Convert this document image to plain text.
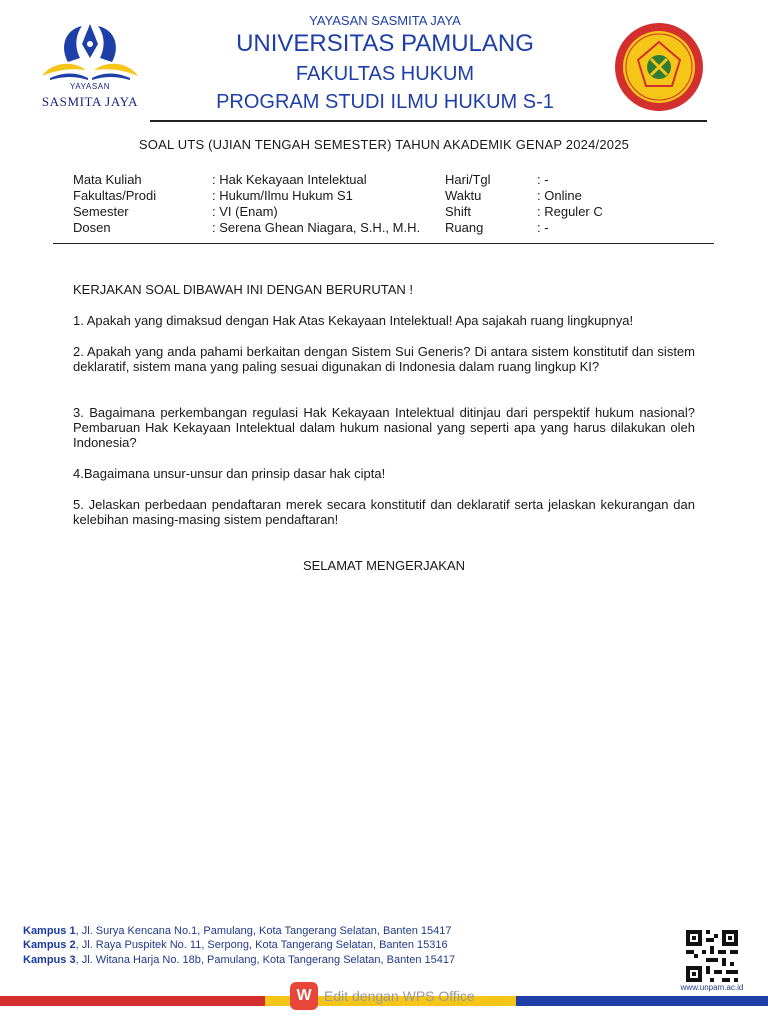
YAYASAN
SASMITA JAYA
YAYASAN SASMITA JAYA
UNIVERSITAS PAMULANG
FAKULTAS HUKUM
PROGRAM STUDI ILMU HUKUM S-1
SOAL UTS (UJIAN TENGAH SEMESTER) TAHUN AKADEMIK GENAP 2024/2025
Mata Kuliah	: Hak Kekayaan Intelektual
Fakultas/Prodi	: Hukum/Ilmu Hukum S1
Semester	: VI (Enam)
Dosen	: Serena Ghean Niagara, S.H., M.H.
Hari/Tgl	: -
Waktu	: Online
Shift	: Reguler C
Ruang	: -
KERJAKAN SOAL DIBAWAH INI DENGAN BERURUTAN !
1. Apakah yang dimaksud dengan Hak Atas Kekayaan Intelektual! Apa sajakah ruang lingkupnya!
2. Apakah yang anda pahami berkaitan dengan Sistem Sui Generis? Di antara sistem konstitutif dan sistem deklaratif, sistem mana yang paling sesuai digunakan di Indonesia dalam ruang lingkup KI?
3. Bagaimana perkembangan regulasi Hak Kekayaan Intelektual ditinjau dari perspektif hukum nasional? Pembaruan Hak Kekayaan Intelektual dalam hukum nasional yang seperti apa yang harus dilakukan oleh Indonesia?
4.Bagaimana unsur-unsur dan prinsip dasar hak cipta!
5. Jelaskan perbedaan pendaftaran merek secara konstitutif dan deklaratif serta jelaskan kekurangan dan kelebihan masing-masing sistem pendaftaran!
SELAMAT MENGERJAKAN
Kampus 1, Jl. Surya Kencana No.1, Pamulang, Kota Tangerang Selatan, Banten 15417 Kampus 2, Jl. Raya Puspitek No. 11, Serpong, Kota Tangerang Selatan, Banten 15316
Kampus 3, Jl. Witana Harja No. 18b, Pamulang, Kota Tangerang Selatan, Banten 15417
www.unpam.ac.id
W Edit dengan WPS Office
